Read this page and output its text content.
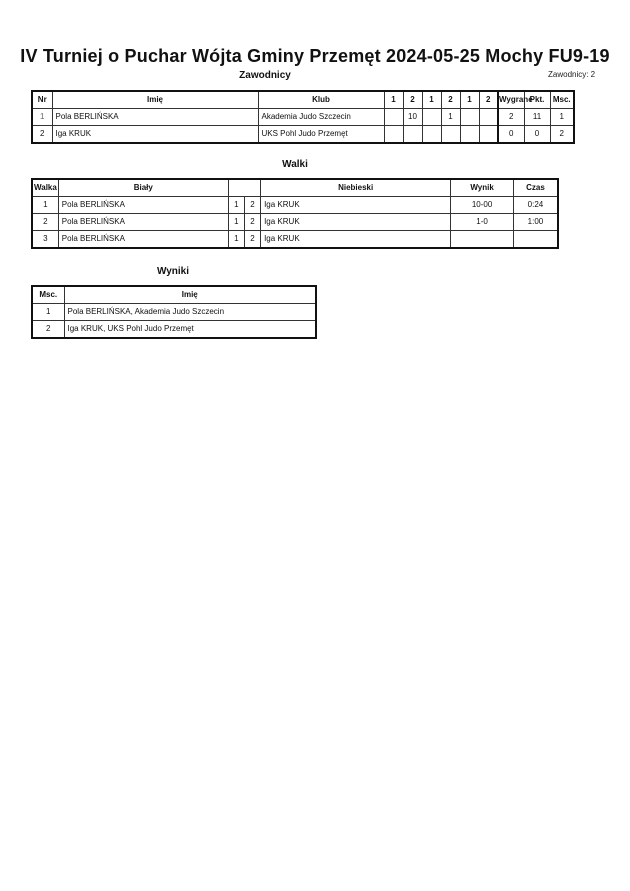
IV Turniej o Puchar Wójta Gminy Przemęt 2024-05-25 Mochy FU9-19
Zawodnicy	Zawodnicy: 2
Nr	Imię	Klub	1	2	1	2	1	2	Wygrane	Pkt.	Msc.
1	Pola BERLIŃSKA	Akademia Judo Szczecin		10		1			2	11	1
2	Iga KRUK	UKS Pohl Judo Przemęt							0	0	2
Walki
Walka	Biały			Niebieski	Wynik	Czas
1	Pola BERLIŃSKA	1	2	Iga KRUK	10-00	0:24
2	Pola BERLIŃSKA	1	2	Iga KRUK	1-0	1:00
3	Pola BERLIŃSKA	1	2	Iga KRUK		
Wyniki
Msc.	Imię
1	Pola BERLIŃSKA, Akademia Judo Szczecin
2	Iga KRUK, UKS Pohl Judo Przemęt
